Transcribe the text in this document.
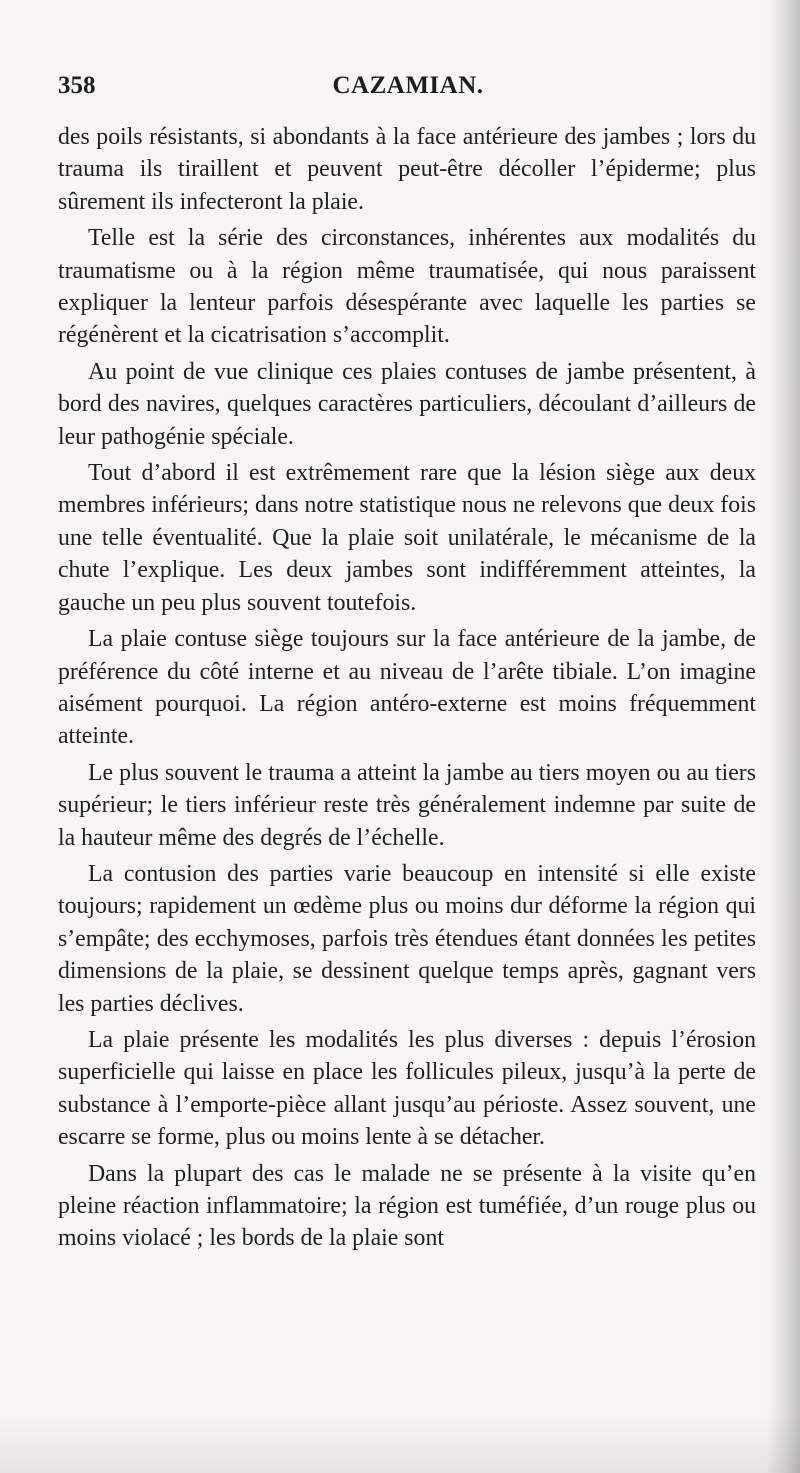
358	CAZAMIAN.

des poils résistants, si abondants à la face antérieure des jambes ; lors du trauma ils tiraillent et peuvent peut-être décoller l’épiderme; plus sûrement ils infecteront la plaie.

Telle est la série des circonstances, inhérentes aux modalités du traumatisme ou à la région même traumatisée, qui nous paraissent expliquer la lenteur parfois désespérante avec laquelle les parties se régénèrent et la cicatrisation s’accomplit.

Au point de vue clinique ces plaies contuses de jambe présentent, à bord des navires, quelques caractères particuliers, découlant d’ailleurs de leur pathogénie spéciale.

Tout d’abord il est extrêmement rare que la lésion siège aux deux membres inférieurs; dans notre statistique nous ne relevons que deux fois une telle éventualité. Que la plaie soit unilatérale, le mécanisme de la chute l’explique. Les deux jambes sont indifféremment atteintes, la gauche un peu plus souvent toutefois.

La plaie contuse siège toujours sur la face antérieure de la jambe, de préférence du côté interne et au niveau de l’arête tibiale. L’on imagine aisément pourquoi. La région antéro-externe est moins fréquemment atteinte.

Le plus souvent le trauma a atteint la jambe au tiers moyen ou au tiers supérieur; le tiers inférieur reste très généralement indemne par suite de la hauteur même des degrés de l’échelle.

La contusion des parties varie beaucoup en intensité si elle existe toujours; rapidement un œdème plus ou moins dur déforme la région qui s’empâte; des ecchymoses, parfois très étendues étant données les petites dimensions de la plaie, se dessinent quelque temps après, gagnant vers les parties déclives.

La plaie présente les modalités les plus diverses : depuis l’érosion superficielle qui laisse en place les follicules pileux, jusqu’à la perte de substance à l’emporte-pièce allant jusqu’au périoste. Assez souvent, une escarre se forme, plus ou moins lente à se détacher.

Dans la plupart des cas le malade ne se présente à la visite qu’en pleine réaction inflammatoire; la région est tuméfiée, d’un rouge plus ou moins violacé ; les bords de la plaie sont
